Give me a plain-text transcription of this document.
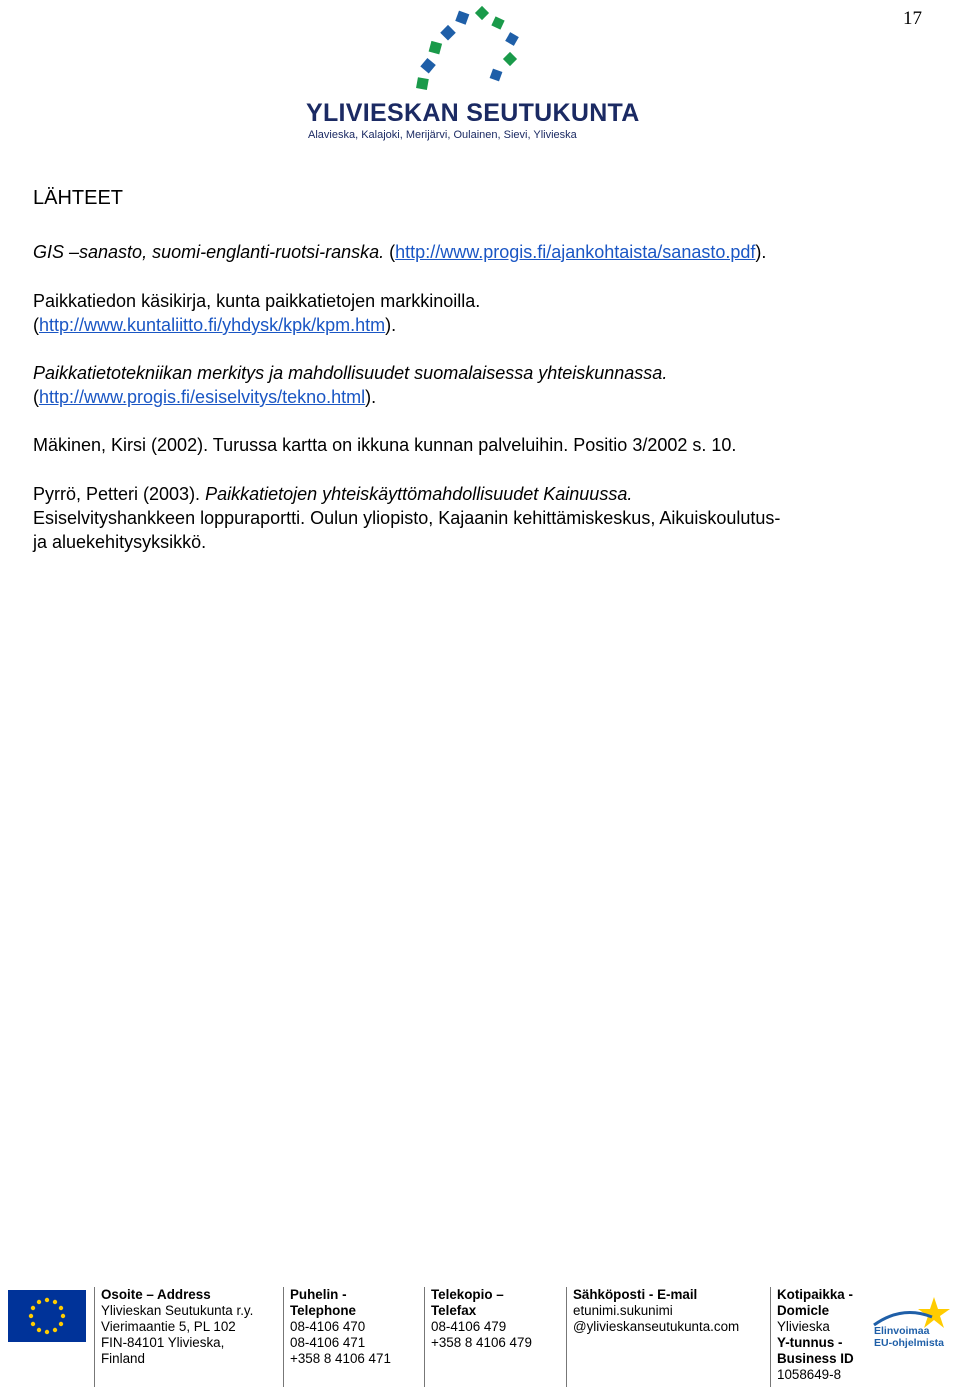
17
YLIVIESKAN SEUTUKUNTA
Alavieska, Kalajoki, Merijärvi, Oulainen, Sievi, Ylivieska
LÄHTEET

GIS –sanasto, suomi-englanti-ruotsi-ranska. (http://www.progis.fi/ajankohtaista/sanasto.pdf).

Paikkatiedon käsikirja, kunta paikkatietojen markkinoilla.
(http://www.kuntaliitto.fi/yhdysk/kpk/kpm.htm).

Paikkatietotekniikan merkitys ja mahdollisuudet suomalaisessa yhteiskunnassa.
(http://www.progis.fi/esiselvitys/tekno.html).

Mäkinen, Kirsi (2002). Turussa kartta on ikkuna kunnan palveluihin. Positio 3/2002 s. 10.

Pyrrö, Petteri (2003). Paikkatietojen yhteiskäyttömahdollisuudet Kainuussa.
Esiselvityshankkeen loppuraportti. Oulun yliopisto, Kajaanin kehittämiskeskus, Aikuiskoulutus-
ja aluekehitysyksikkö.

Osoite – Address
Ylivieskan Seutukunta r.y.
Vierimaantie 5, PL 102
FIN-84101 Ylivieska,
Finland
Puhelin -
Telephone
08-4106 470
08-4106 471
+358 8 4106 471
Telekopio –
Telefax
08-4106 479
+358 8 4106 479
Sähköposti - E-mail
etunimi.sukunimi
@ylivieskanseutukunta.com
Kotipaikka -
Domicle
Ylivieska
Y-tunnus -
Business ID
1058649-8
Elinvoimaa
EU-ohjelmista
